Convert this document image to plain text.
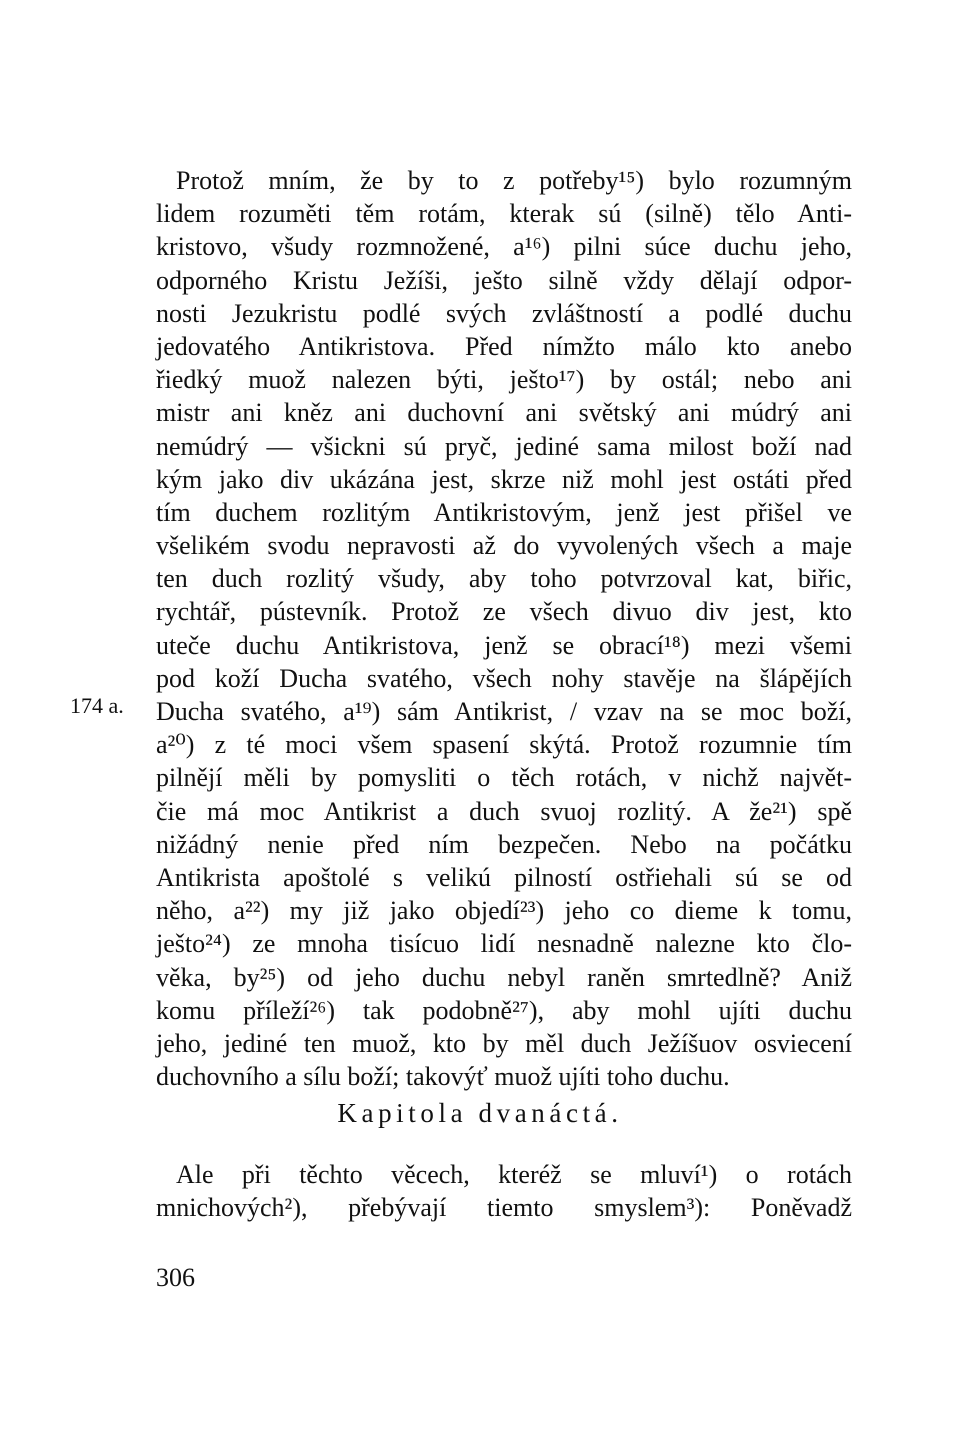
Protož mním, že by to z potřeby¹⁵) bylo rozumným
lidem rozuměti těm rotám, kterak sú (silně) tělo Anti-
kristovo, všudy rozmnožené, a¹⁶) pilni súce duchu jeho,
odporného Kristu Ježíši, ješto silně vždy dělají odpor-
nosti Jezukristu podlé svých zvláštností a podlé duchu
jedovatého Antikristova. Před nímžto málo kto anebo
řiedký muož nalezen býti, ješto¹⁷) by ostál; nebo ani
mistr ani kněz ani duchovní ani světský ani múdrý ani
nemúdrý — všickni sú pryč, jediné sama milost boží nad
kým jako div ukázána jest, skrze niž mohl jest ostáti před
tím duchem rozlitým Antikristovým, jenž jest přišel ve
všelikém svodu nepravosti až do vyvolených všech a maje
ten duch rozlitý všudy, aby toho potvrzoval kat, biřic,
rychtář, pústevník. Protož ze všech divuo div jest, kto
uteče duchu Antikristova, jenž se obrací¹⁸) mezi všemi
pod koží Ducha svatého, všech nohy stavěje na šlápějích
Ducha svatého, a¹⁹) sám Antikrist, / vzav na se moc boží,
a²⁰) z té moci všem spasení skýtá. Protož rozumnie tím
pilnějí měli by pomysliti o těch rotách, v nichž najvět-
čie má moc Antikrist a duch svuoj rozlitý. A že²¹) spě
nižádný nenie před ním bezpečen. Nebo na počátku
Antikrista apoštolé s velikú pilností ostřiehali sú se od
něho, a²²) my již jako objedí²³) jeho co dieme k tomu,
ješto²⁴) ze mnoha tisícuo lidí nesnadně nalezne kto člo-
věka, by²⁵) od jeho duchu nebyl raněn smrtedlně? Aniž
komu příleží²⁶) tak podobně²⁷), aby mohl ujíti duchu
jeho, jediné ten muož, kto by měl duch Ježíšuov osviecení
duchovního a sílu boží; takovýť muož ujíti toho duchu.
174 a.
Kapitola dvanáctá.
Ale při těchto věcech, kteréž se mluví¹) o rotách
mnichových²), přebývají tiemto smyslem³): Poněvadž
306
